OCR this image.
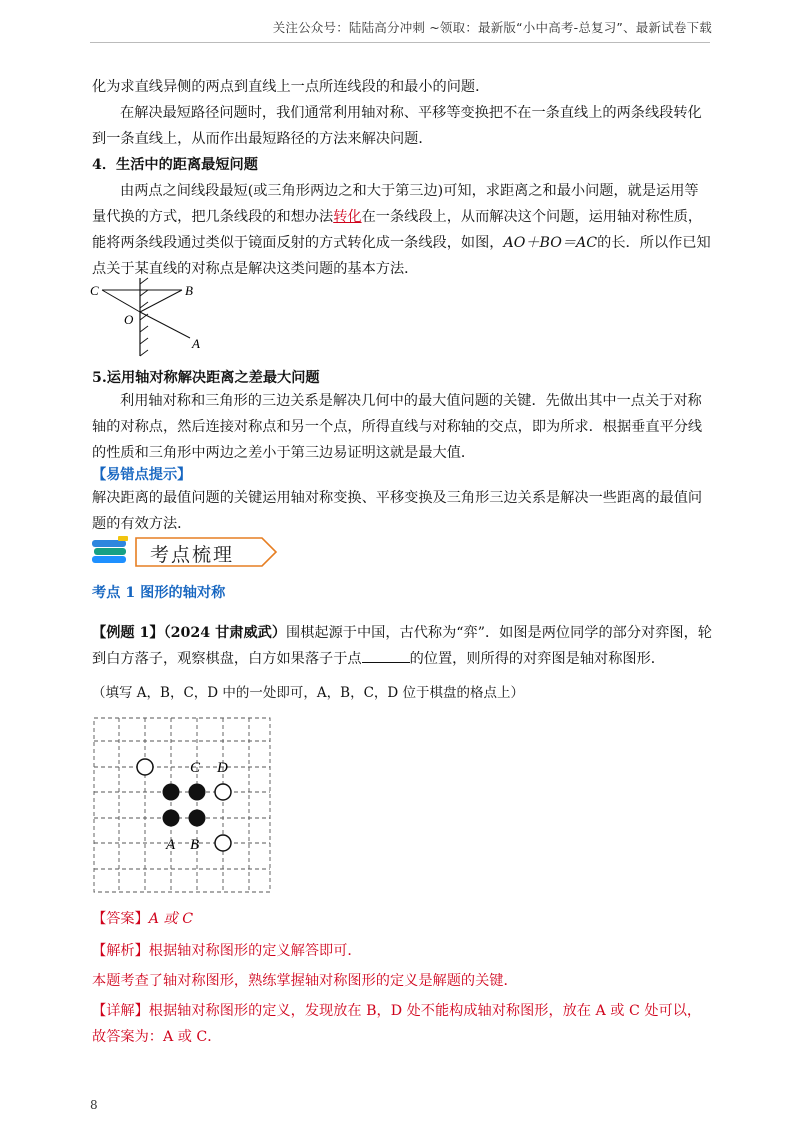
关注公众号：陆陆高分冲刺 ~领取：最新版“小中高考-总复习”、最新试卷下载

化为求直线异侧的两点到直线上一点所连线段的和最小的问题．

在解决最短路径问题时，我们通常利用轴对称、平移等变换把不在一条直线上的两条线段转化到一条直线上，从而作出最短路径的方法来解决问题．

4．生活中的距离最短问题

由两点之间线段最短(或三角形两边之和大于第三边)可知，求距离之和最小问题，就是运用等量代换的方式，把几条线段的和想办法转化在一条线段上，从而解决这个问题，运用轴对称性质，能将两条线段通过类似于镜面反射的方式转化成一条线段，如图，AO＋BO＝AC的长．所以作已知点关于某直线的对称点是解决这类问题的基本方法．

C	B
O
A

5.运用轴对称解决距离之差最大问题

利用轴对称和三角形的三边关系是解决几何中的最大值问题的关键．先做出其中一点关于对称轴的对称点，然后连接对称点和另一个点，所得直线与对称轴的交点，即为所求．根据垂直平分线的性质和三角形中两边之差小于第三边易证明这就是最大值．

【易错点提示】

解决距离的最值问题的关键运用轴对称变换、平移变换及三角形三边关系是解决一些距离的最值问题的有效方法．

考点梳理

考点 1 图形的轴对称

【例题 1】（2024 甘肃威武）围棋起源于中国，古代称为“弈”．如图是两位同学的部分对弈图，轮到白方落子，观察棋盘，白方如果落子于点	的位置，则所得的对弈图是轴对称图形．

（填写 A，B，C，D 中的一处即可，A，B，C，D 位于棋盘的格点上）

C D
A B

【答案】A 或 C

【解析】根据轴对称图形的定义解答即可．

本题考查了轴对称图形，熟练掌握轴对称图形的定义是解题的关键．

【详解】根据轴对称图形的定义，发现放在 B，D 处不能构成轴对称图形，放在 A 或 C 处可以，

故答案为：A 或 C．

8
